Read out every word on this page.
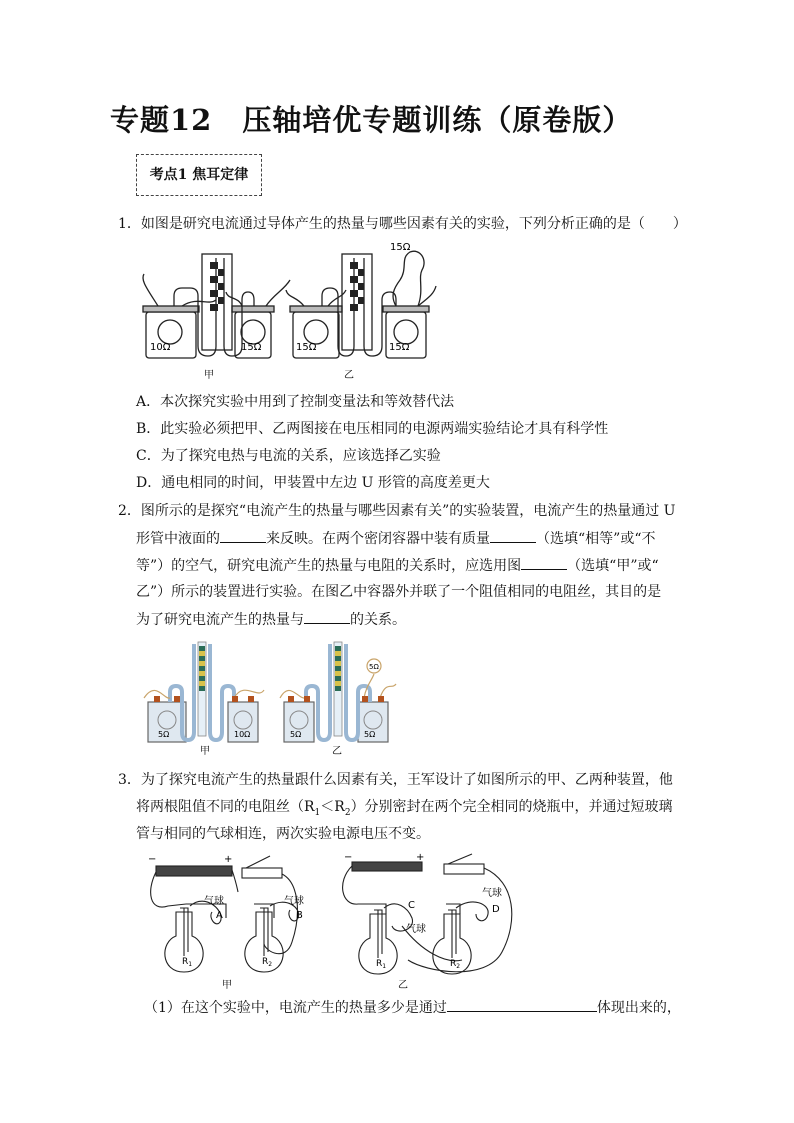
专题12　压轴培优专题训练（原卷版）
考点1 焦耳定律
1．如图是研究电流通过导体产生的热量与哪些因素有关的实验，下列分析正确的是（　　）
10Ω	15Ω	15Ω	15Ω
15Ω
甲	乙
A．本次探究实验中用到了控制变量法和等效替代法
B．此实验必须把甲、乙两图接在电压相同的电源两端实验结论才具有科学性
C．为了探究电热与电流的关系，应该选择乙实验
D．通电相同的时间，甲装置中左边 U 形管的高度差更大
2．图所示的是探究“电流产生的热量与哪些因素有关”的实验装置，电流产生的热量通过 U
形管中液面的	来反映。在两个密闭容器中装有质量	（选填“相等”或“不
等”）的空气，研究电流产生的热量与电阻的关系时，应选用图	（选填“甲”或“
乙”）所示的装置进行实验。在图乙中容器外并联了一个阻值相同的电阻丝，其目的是
为了研究电流产生的热量与	的关系。
5Ω	10Ω	5Ω	5Ω
5Ω
甲	乙
3．为了探究电流产生的热量跟什么因素有关，王军设计了如图所示的甲、乙两种装置，他
将两根阻值不同的电阻丝$(R_1<R_2)$分别密封在两个完全相同的烧瓶中，并通过短玻璃
管与相同的气球相连，两次实验电源电压不变。
−	+	−	+
气球
A
气球
B
C
气球
气球
D
$R_1$	$R_2$	$R_1$	$R_2$
甲	乙
（1）在这个实验中，电流产生的热量多少是通过	体现出来的，
